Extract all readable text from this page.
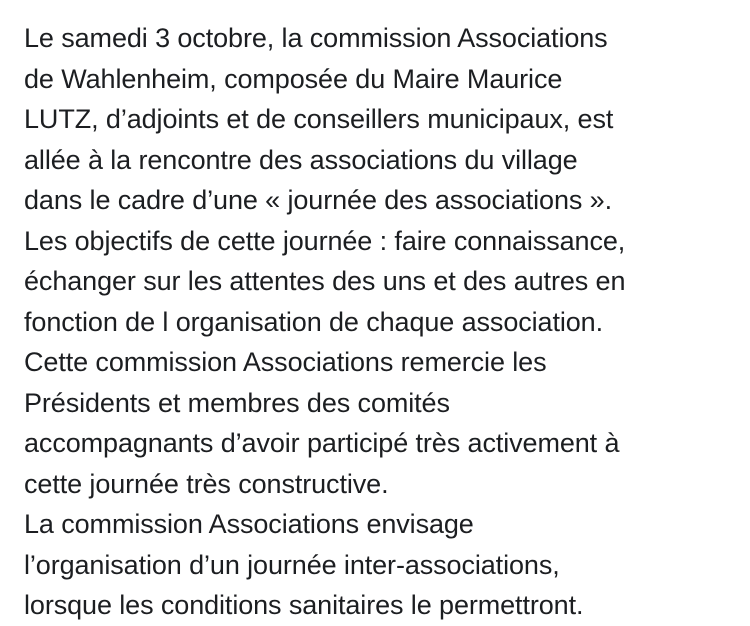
Le samedi 3 octobre, la commission Associations
de Wahlenheim, composée du Maire Maurice
LUTZ, d’adjoints et de conseillers municipaux, est
allée à la rencontre des associations du village
dans le cadre d’une « journée des associations ».
Les objectifs de cette journée : faire connaissance,
échanger sur les attentes des uns et des autres en
fonction de l organisation de chaque association.
Cette commission Associations remercie les
Présidents et membres des comités
accompagnants d’avoir participé très activement à
cette journée très constructive.
La commission Associations envisage
l’organisation d’un journée inter-associations,
lorsque les conditions sanitaires le permettront.
